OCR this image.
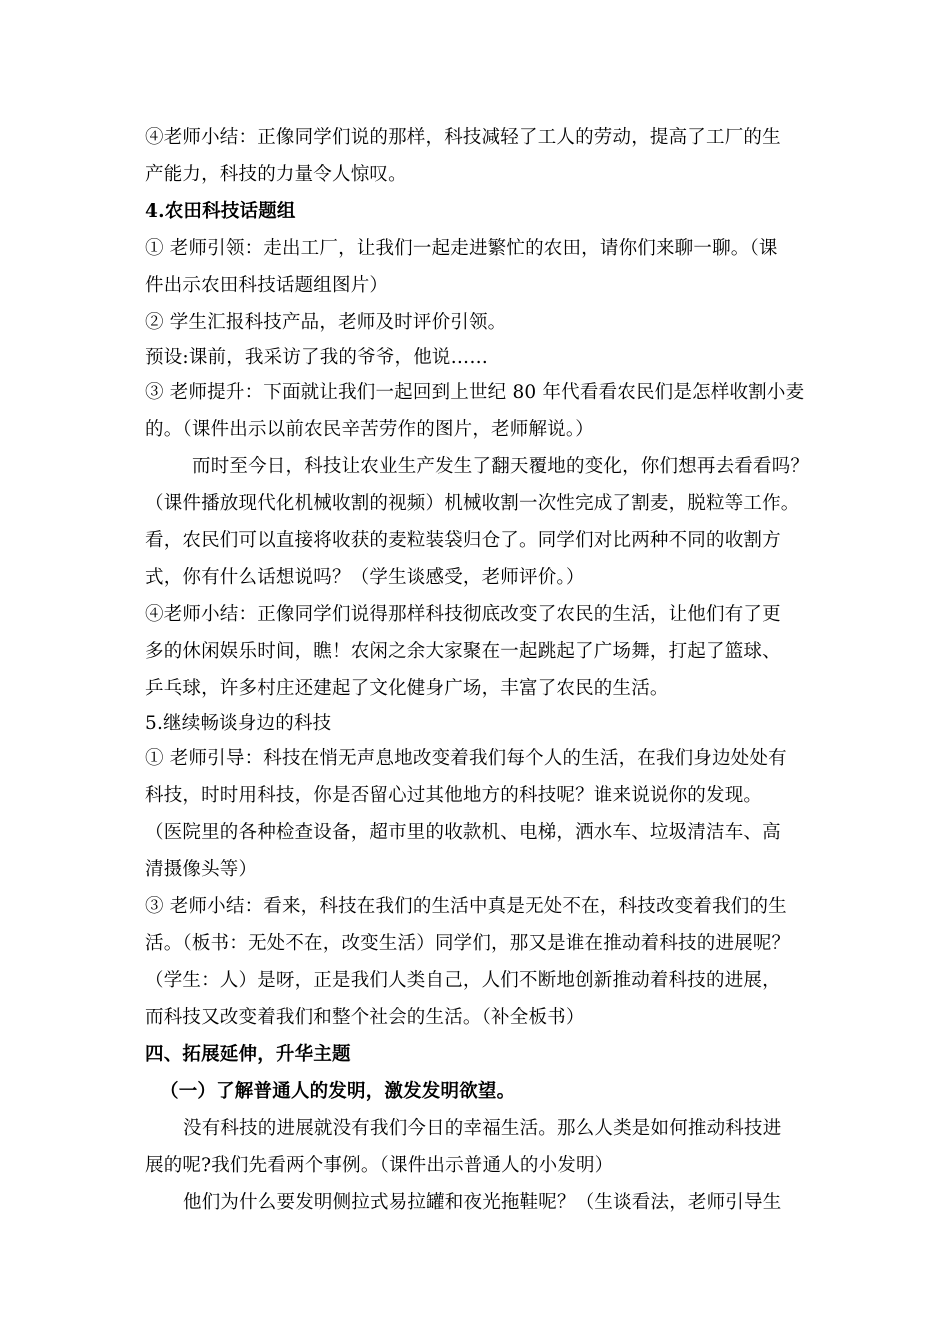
④老师小结：正像同学们说的那样，科技减轻了工人的劳动，提高了工厂的生
产能力，科技的力量令人惊叹。
4.农田科技话题组
① 老师引领：走出工厂，让我们一起走进繁忙的农田，请你们来聊一聊。（课
件出示农田科技话题组图片）
② 学生汇报科技产品，老师及时评价引领。
预设:课前，我采访了我的爷爷，他说……
③ 老师提升：下面就让我们一起回到上世纪 80 年代看看农民们是怎样收割小麦
的。（课件出示以前农民辛苦劳作的图片，老师解说。）
而时至今日，科技让农业生产发生了翻天覆地的变化，你们想再去看看吗？
（课件播放现代化机械收割的视频）机械收割一次性完成了割麦，脱粒等工作。
看，农民们可以直接将收获的麦粒装袋归仓了。同学们对比两种不同的收割方
式，你有什么话想说吗？（学生谈感受，老师评价。）
④老师小结：正像同学们说得那样科技彻底改变了农民的生活，让他们有了更
多的休闲娱乐时间，瞧！农闲之余大家聚在一起跳起了广场舞，打起了篮球、
乒乓球，许多村庄还建起了文化健身广场，丰富了农民的生活。
5.继续畅谈身边的科技
① 老师引导：科技在悄无声息地改变着我们每个人的生活，在我们身边处处有
科技，时时用科技，你是否留心过其他地方的科技呢？谁来说说你的发现。
（医院里的各种检查设备，超市里的收款机、电梯，洒水车、垃圾清洁车、高
清摄像头等）
③ 老师小结：看来，科技在我们的生活中真是无处不在，科技改变着我们的生
活。（板书：无处不在，改变生活）同学们，那又是谁在推动着科技的进展呢？
（学生：人）是呀，正是我们人类自己，人们不断地创新推动着科技的进展，
而科技又改变着我们和整个社会的生活。（补全板书）
四、拓展延伸，升华主题
（一）了解普通人的发明，激发发明欲望。
没有科技的进展就没有我们今日的幸福生活。那么人类是如何推动科技进
展的呢?我们先看两个事例。（课件出示普通人的小发明）
他们为什么要发明侧拉式易拉罐和夜光拖鞋呢？（生谈看法，老师引导生
